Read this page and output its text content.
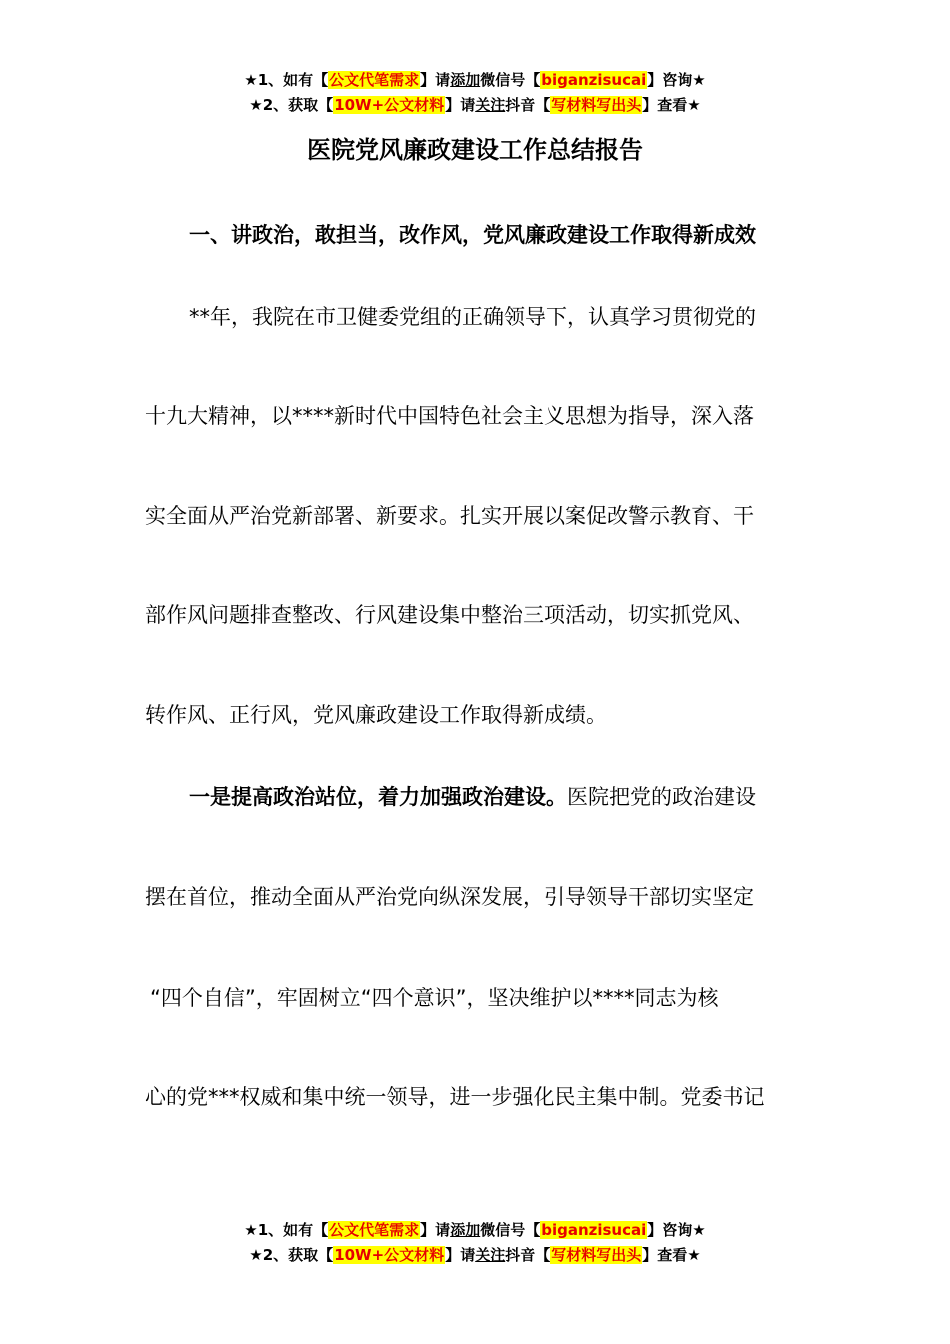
★1、如有【公文代笔需求】请添加微信号【biganzisucai】咨询★
★2、获取【10W+公文材料】请关注抖音【写材料写出头】查看★
医院党风廉政建设工作总结报告
一、讲政治，敢担当，改作风，党风廉政建设工作取得新成效
**年，我院在市卫健委党组的正确领导下，认真学习贯彻党的
十九大精神，以****新时代中国特色社会主义思想为指导，深入落
实全面从严治党新部署、新要求。扎实开展以案促改警示教育、干
部作风问题排查整改、行风建设集中整治三项活动，切实抓党风、
转作风、正行风，党风廉政建设工作取得新成绩。
一是提高政治站位，着力加强政治建设。医院把党的政治建设
摆在首位，推动全面从严治党向纵深发展，引导领导干部切实坚定
“四个自信”，牢固树立“四个意识”，坚决维护以****同志为核
心的党***权威和集中统一领导，进一步强化民主集中制。党委书记
★1、如有【公文代笔需求】请添加微信号【biganzisucai】咨询★
★2、获取【10W+公文材料】请关注抖音【写材料写出头】查看★
